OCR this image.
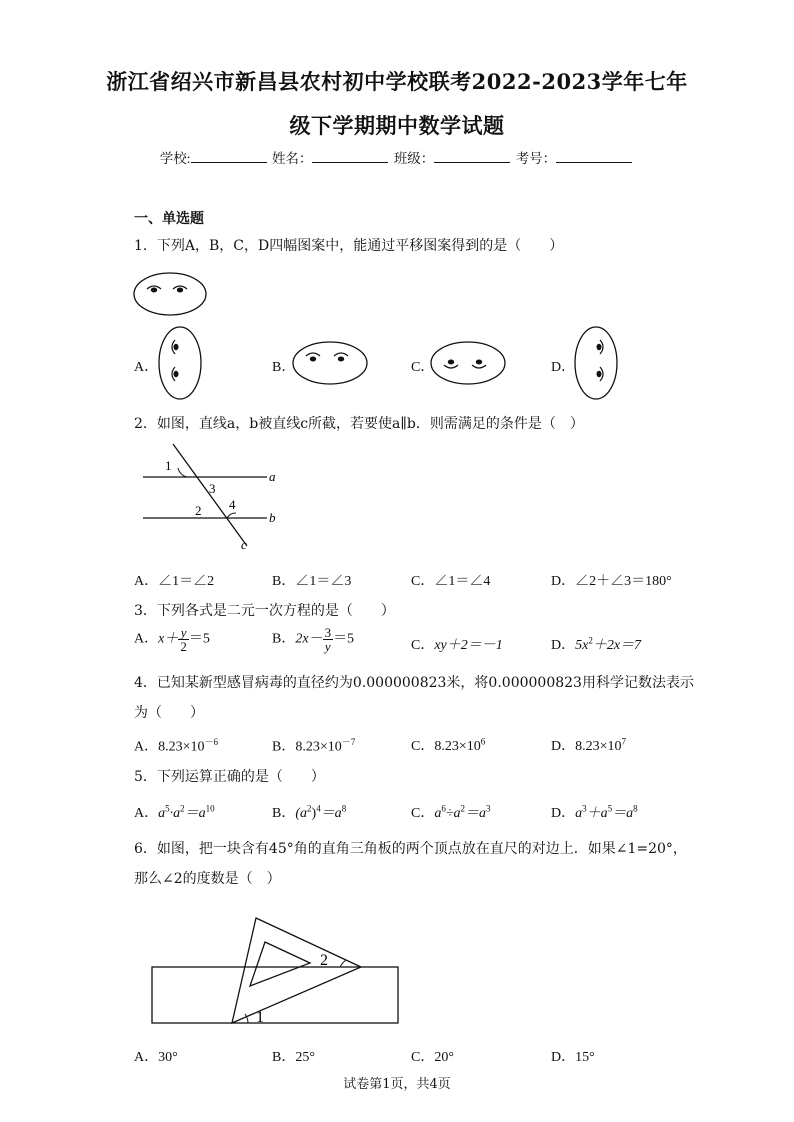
浙江省绍兴市新昌县农村初中学校联考2022-2023学年七年
级下学期期中数学试题
学校:	姓名：	班级：	考号：
一、单选题
1．下列A，B，C，D四幅图案中，能通过平移图案得到的是（　　）
A．	B．	C．	D．
2．如图，直线a，b被直线c所截，若要使a∥b．则需满足的条件是（　）
1
3
2 4
a
b
c
A．∠1＝∠2	B．∠1＝∠3	C．∠1＝∠4	D．∠2＋∠3＝180°
3．下列各式是二元一次方程的是（　　）
A．$x+ \frac{y}{2} =5$	B．$2x- \frac{3}{y} =5$	C．xy＋2＝－1	D．$5x^2+2x=7$
4．已知某新型感冒病毒的直径约为0.000000823米，将0.000000823用科学记数法表示
为（　　）
A．$8.23\times 10^{-6}$	B．$8.23\times 10^{-7}$	C．$8.23\times 10^6$	D．$8.23\times 10^7$
5．下列运算正确的是（　　）
A．$a^5\cdot a^2=a^{10}$	B．$(a^2)^4=a^8$	C．$a^6\div a^2=a^3$	D．$a^3+a^5=a^8$
6．如图，把一块含有45°角的直角三角板的两个顶点放在直尺的对边上．如果∠1=20°，
那么∠2的度数是（　）
2
1
A．30°	B．25°	C．20°	D．15°
试卷第1页，共4页
